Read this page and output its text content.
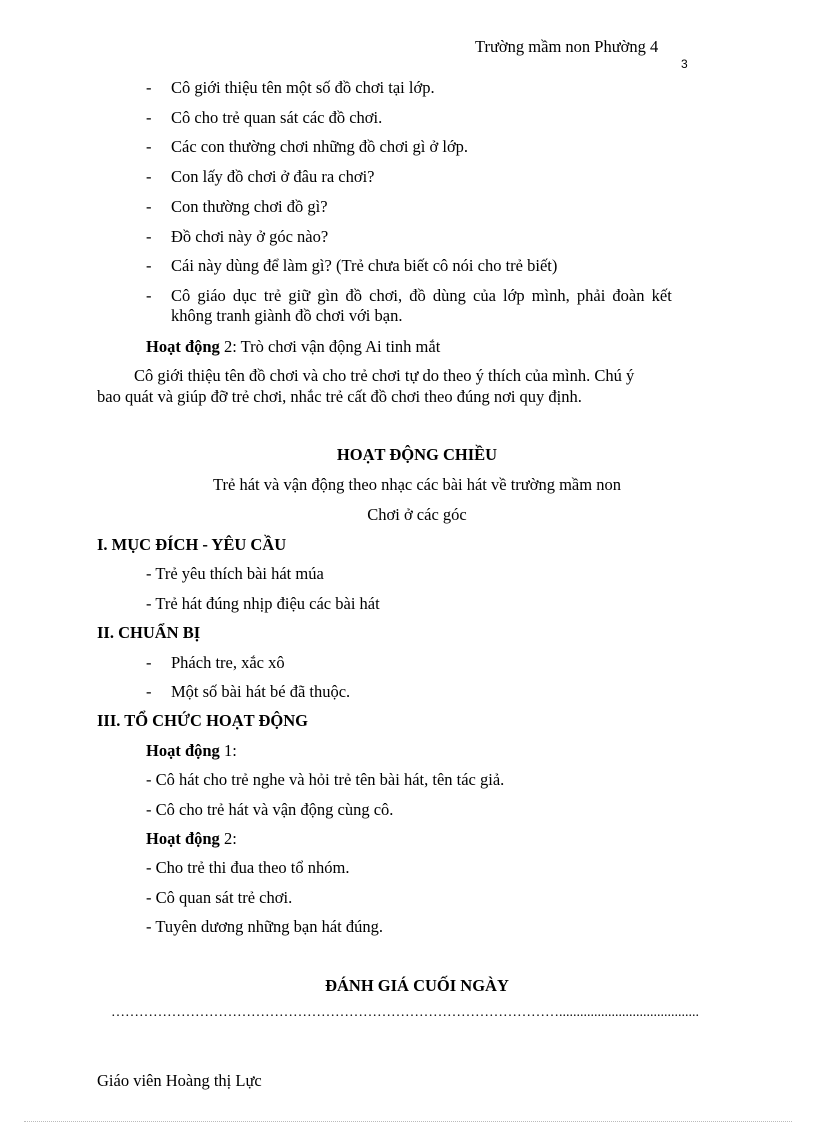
Trường mầm non Phường 4
3
- Cô giới thiệu tên một số đồ chơi tại lớp.
- Cô cho trẻ quan sát các đồ chơi.
- Các con thường chơi những đồ chơi gì ở lớp.
- Con lấy đồ chơi ở đâu ra chơi?
- Con thường chơi đồ gì?
- Đồ chơi này ở góc nào?
- Cái này dùng để làm gì? (Trẻ chưa biết cô nói cho trẻ biết)
- Cô giáo dục trẻ giữ gìn đồ chơi, đồ dùng của lớp mình, phải đoàn kết
không tranh giành đồ chơi với bạn.
Hoạt động 2: Trò chơi vận động Ai tinh mắt
Cô giới thiệu tên đồ chơi và cho trẻ chơi tự do theo ý thích của mình. Chú ý
bao quát và giúp đỡ trẻ chơi, nhắc trẻ cất đồ chơi theo đúng nơi quy định.
HOẠT ĐỘNG CHIỀU
Trẻ hát và vận động theo nhạc các bài hát về trường mầm non
Chơi ở các góc
I. MỤC ĐÍCH - YÊU CẦU
- Trẻ yêu thích bài hát múa
- Trẻ hát đúng nhịp điệu các bài hát
II. CHUẨN BỊ
- Phách tre, xắc xô
- Một số bài hát bé đã thuộc.
III. TỔ CHỨC HOẠT ĐỘNG
Hoạt động 1:
- Cô hát cho trẻ nghe và hỏi trẻ tên bài hát, tên tác giả.
- Cô cho trẻ hát và vận động cùng cô.
Hoạt động 2:
- Cho trẻ thi đua theo tổ nhóm.
- Cô quan sát trẻ chơi.
- Tuyên dương những bạn hát đúng.
ĐÁNH GIÁ CUỐI NGÀY
……………………………………………………………………………………........................................
Giáo viên Hoàng thị Lực
